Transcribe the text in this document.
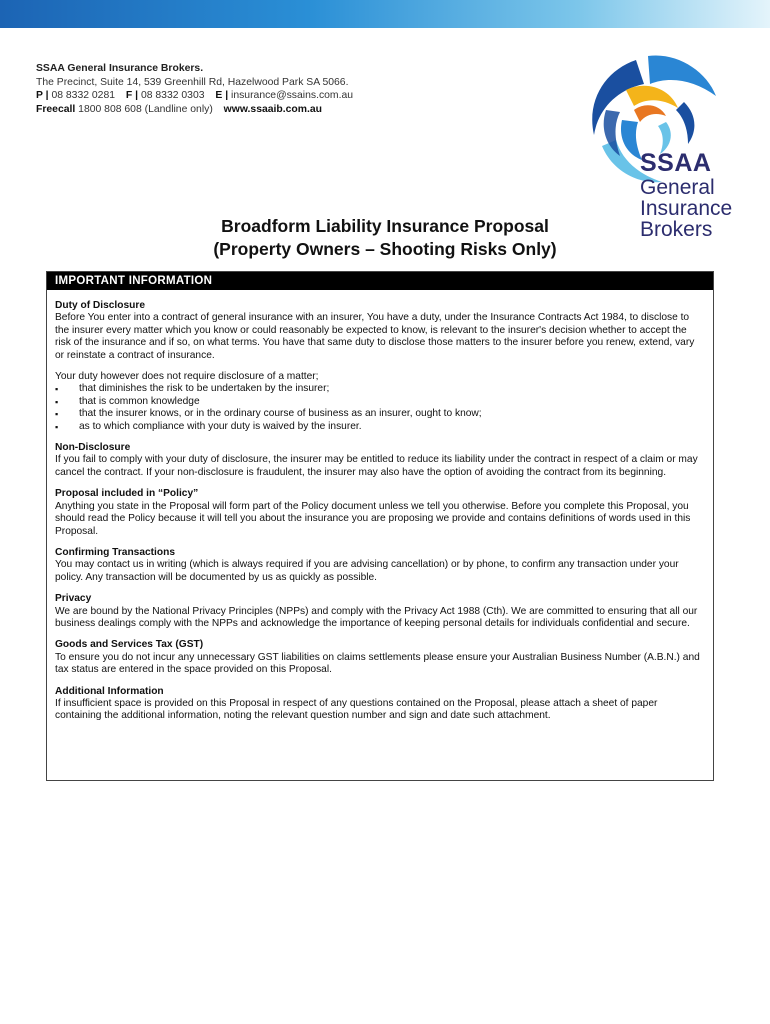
SSAA General Insurance Brokers.
The Precinct, Suite 14, 539 Greenhill Rd, Hazelwood Park SA 5066.
P | 08 8332 0281 F | 08 8332 0303 E | insurance@ssains.com.au
Freecall 1800 808 608 (Landline only) www.ssaaib.com.au
SSAA
General
Insurance
Brokers
Broadform Liability Insurance Proposal
(Property Owners – Shooting Risks Only)
IMPORTANT INFORMATION
Duty of Disclosure
Before You enter into a contract of general insurance with an insurer, You have a duty, under the Insurance Contracts Act 1984, to disclose to the insurer every matter which you know or could reasonably be expected to know, is relevant to the insurer's decision whether to accept the risk of the insurance and if so, on what terms. You have that same duty to disclose those matters to the insurer before you renew, extend, vary or reinstate a contract of insurance.
Your duty however does not require disclosure of a matter;
▪ that diminishes the risk to be undertaken by the insurer;
▪ that is common knowledge
▪ that the insurer knows, or in the ordinary course of business as an insurer, ought to know;
▪ as to which compliance with your duty is waived by the insurer.
Non-Disclosure
If you fail to comply with your duty of disclosure, the insurer may be entitled to reduce its liability under the contract in respect of a claim or may cancel the contract. If your non-disclosure is fraudulent, the insurer may also have the option of avoiding the contract from its beginning.
Proposal included in “Policy”
Anything you state in the Proposal will form part of the Policy document unless we tell you otherwise. Before you complete this Proposal, you should read the Policy because it will tell you about the insurance you are proposing we provide and contains definitions of words used in this Proposal.
Confirming Transactions
You may contact us in writing (which is always required if you are advising cancellation) or by phone, to confirm any transaction under your policy. Any transaction will be documented by us as quickly as possible.
Privacy
We are bound by the National Privacy Principles (NPPs) and comply with the Privacy Act 1988 (Cth). We are committed to ensuring that all our business dealings comply with the NPPs and acknowledge the importance of keeping personal details for individuals confidential and secure.
Goods and Services Tax (GST)
To ensure you do not incur any unnecessary GST liabilities on claims settlements please ensure your Australian Business Number (A.B.N.) and tax status are entered in the space provided on this Proposal.
Additional Information
If insufficient space is provided on this Proposal in respect of any questions contained on the Proposal, please attach a sheet of paper containing the additional information, noting the relevant question number and sign and date such attachment.
